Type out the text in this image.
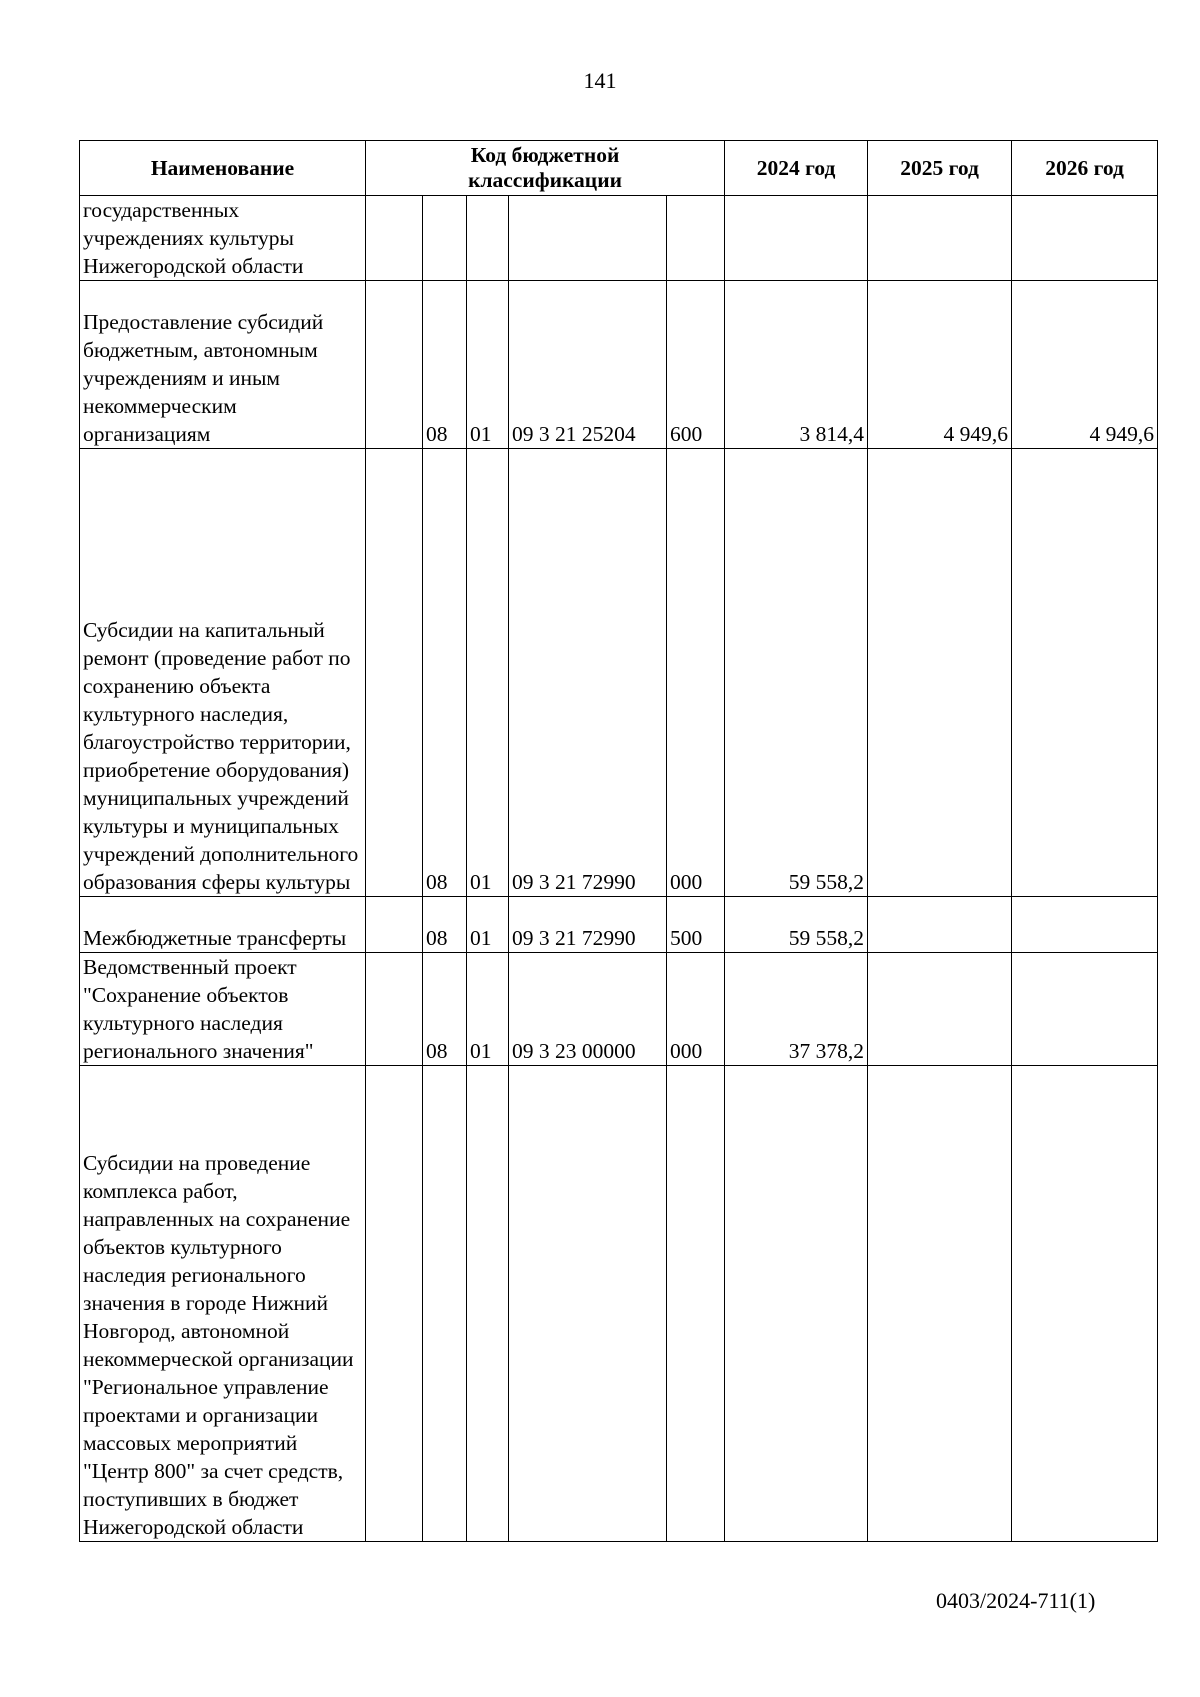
141
Наименование	Код бюджетной классификации					2024 год	2025 год	2026 год
государственных учреждениях культуры Нижегородской области								
Предоставление субсидий бюджетным, автономным учреждениям и иным некоммерческим организациям		08	01	09 3 21 25204	600	3 814,4	4 949,6	4 949,6
Субсидии на капитальный ремонт (проведение работ по сохранению объекта культурного наследия, благоустройство территории, приобретение оборудования) муниципальных учреждений культуры и муниципальных учреждений дополнительного образования сферы культуры		08	01	09 3 21 72990	000	59 558,2		
Межбюджетные трансферты		08	01	09 3 21 72990	500	59 558,2		
Ведомственный проект "Сохранение объектов культурного наследия регионального значения"		08	01	09 3 23 00000	000	37 378,2		
Субсидии на проведение комплекса работ, направленных на сохранение объектов культурного наследия регионального значения в городе Нижний Новгород, автономной некоммерческой организации "Региональное управление проектами и организации массовых мероприятий "Центр 800" за счет средств, поступивших в бюджет Нижегородской области								
0403/2024-711(1)
